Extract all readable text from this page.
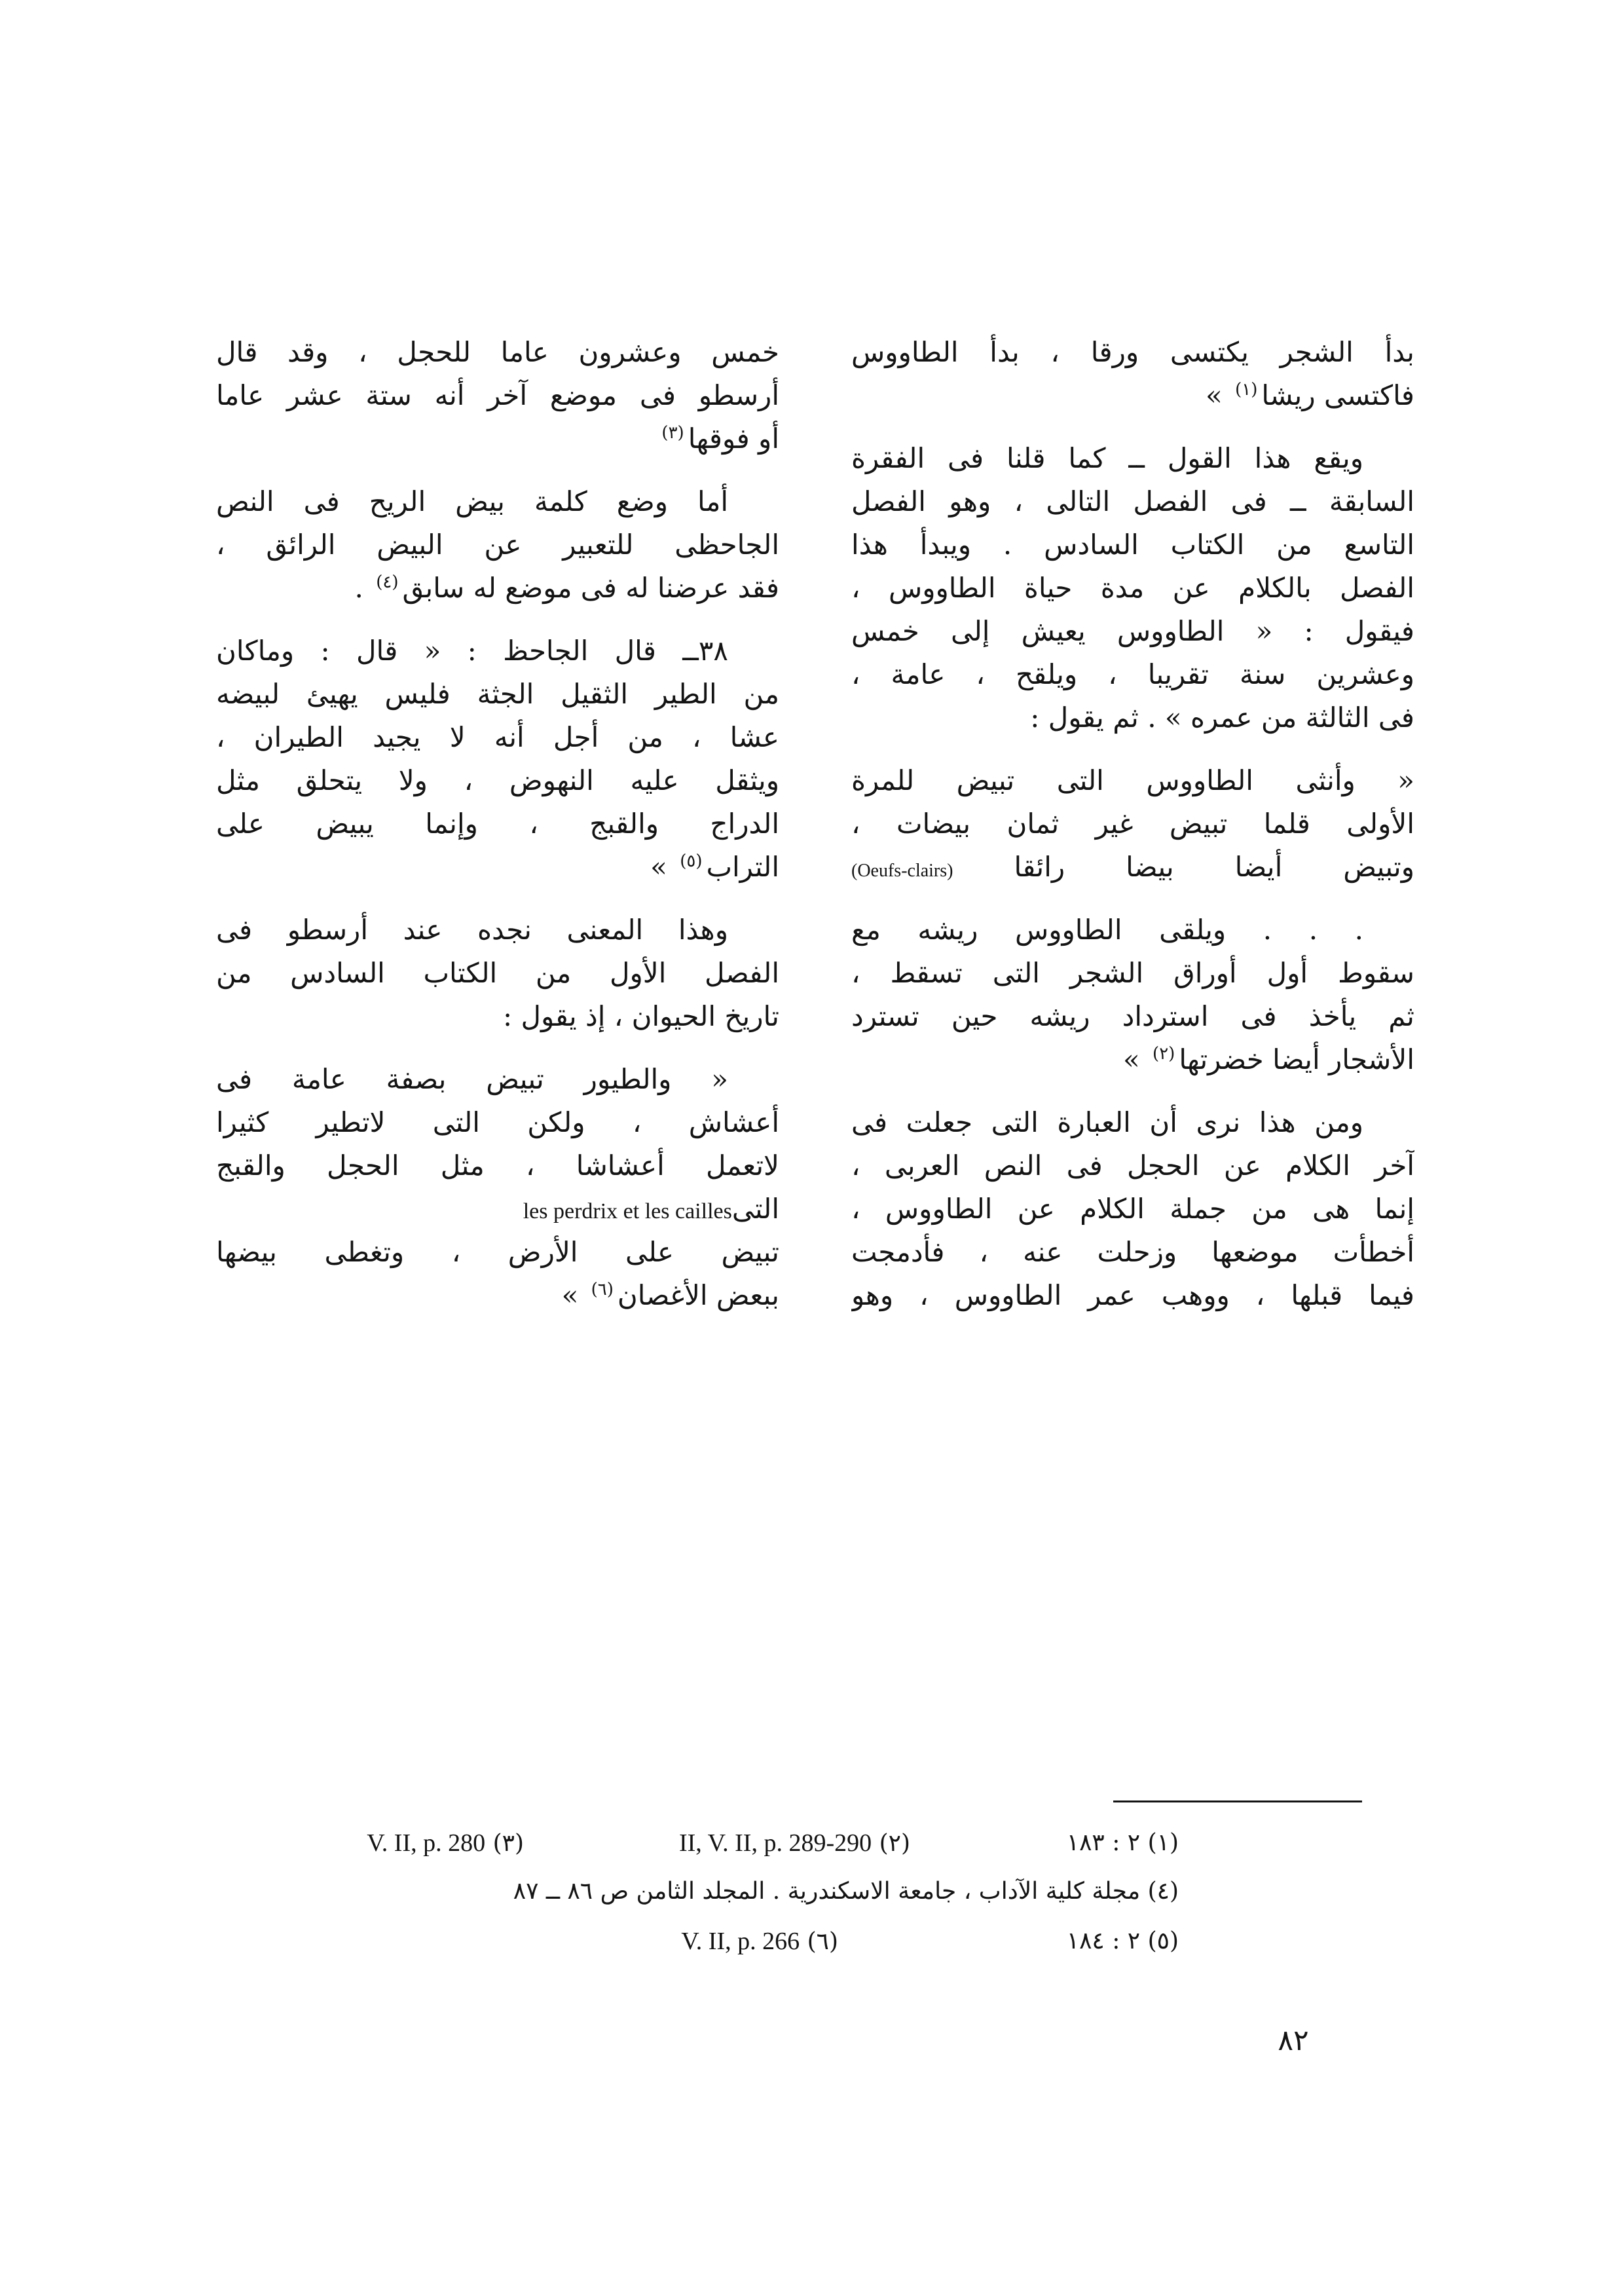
بدأ الشجر يكتسى ورقا ، بدأ الطاووس
فاكتسى ريشا(١) »
ويقع هذا القول ــ كما قلنا فى الفقرة
السابقة ــ فى الفصل التالى ، وهو الفصل
التاسع من الكتاب السادس . ويبدأ هذا
الفصل بالكلام عن مدة حياة الطاووس ،
فيقول : « الطاووس يعيش إلى خمس
وعشرين سنة تقريبا ، ويلقح ، عامة ،
فى الثالثة من عمره » . ثم يقول :
« وأنثى الطاووس التى تبيض للمرة
الأولى قلما تبيض غير ثمان بيضات ،
وتبيض أيضا بيضا رائقا (Oeufs-clairs)
. . . ويلقى الطاووس ريشه مع
سقوط أول أوراق الشجر التى تسقط ،
ثم يأخذ فى استرداد ريشه حين تسترد
الأشجار أيضا خضرتها(٢) »
ومن هذا نرى أن العبارة التى جعلت فى
آخر الكلام عن الحجل فى النص العربى ،
إنما هى من جملة الكلام عن الطاووس ،
أخطأت موضعها وزحلت عنه ، فأدمجت
فيما قبلها ، ووهب عمر الطاووس ، وهو
خمس وعشرون عاما للحجل ، وقد قال
أرسطو فى موضع آخر أنه ستة عشر عاما
أو فوقها(٣)
أما وضع كلمة بيض الريح فى النص
الجاحظى للتعبير عن البيض الرائق ،
فقد عرضنا له فى موضع له سابق(٤) .
٣٨ــ قال الجاحظ : « قال : وماكان
من الطير الثقيل الجثة فليس يهيئ لبيضه
عشا ، من أجل أنه لا يجيد الطيران ،
ويثقل عليه النهوض ، ولا يتحلق مثل
الدراج والقبج ، وإنما يبيض على
التراب(٥) »
وهذا المعنى نجده عند أرسطو فى
الفصل الأول من الكتاب السادس من
تاريخ الحيوان ، إذ يقول :
« والطيور تبيض بصفة عامة فى
أعشاش ، ولكن التى لاتطير كثيرا
لاتعمل أعشاشا ، مثل الحجل والقبج
التىles perdrix et les cailles
تبيض على الأرض ، وتغطى بيضها
ببعض الأغصان(٦) »
(١) ٢ : ١٨٣
(٢) II, V. II, p. 289-290
(٣) V. II, p. 280
(٤) مجلة كلية الآداب ، جامعة الاسكندرية . المجلد الثامن ص ٨٦ ــ ٨٧
(٥) ٢ : ١٨٤
(٦) V. II, p. 266
٨٢
